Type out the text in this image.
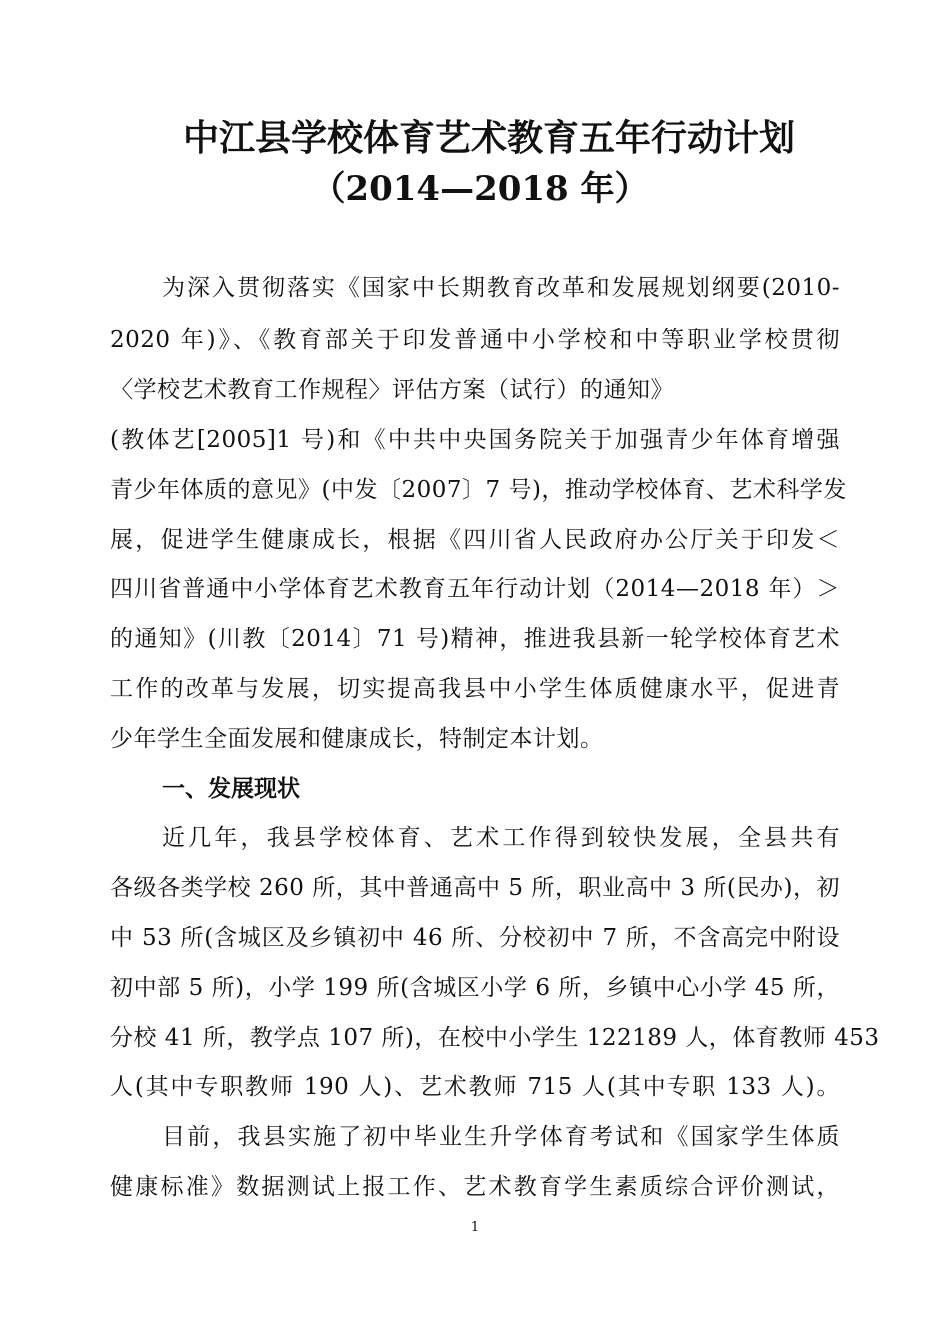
中江县学校体育艺术教育五年行动计划
（2014—2018 年）
为深入贯彻落实《国家中长期教育改革和发展规划纲要(2010-
2020 年)》、《教育部关于印发普通中小学校和中等职业学校贯彻
〈学校艺术教育工作规程〉评估方案（试行）的通知》
(教体艺[2005]1 号)和《中共中央国务院关于加强青少年体育增强
青少年体质的意见》(中发〔2007〕7 号)，推动学校体育、艺术科学发
展，促进学生健康成长，根据《四川省人民政府办公厅关于印发＜
四川省普通中小学体育艺术教育五年行动计划（2014—2018 年）＞
的通知》(川教〔2014〕71 号)精神，推进我县新一轮学校体育艺术
工作的改革与发展，切实提高我县中小学生体质健康水平，促进青
少年学生全面发展和健康成长，特制定本计划。
一、发展现状
近几年，我县学校体育、艺术工作得到较快发展，全县共有
各级各类学校 260 所，其中普通高中 5 所，职业高中 3 所(民办)，初
中 53 所(含城区及乡镇初中 46 所、分校初中 7 所，不含高完中附设
初中部 5 所)，小学 199 所(含城区小学 6 所，乡镇中心小学 45 所，
分校 41 所，教学点 107 所)，在校中小学生 122189 人，体育教师 453
人(其中专职教师 190 人)、艺术教师 715 人(其中专职 133 人)。
目前，我县实施了初中毕业生升学体育考试和《国家学生体质
健康标准》数据测试上报工作、艺术教育学生素质综合评价测试，
1
